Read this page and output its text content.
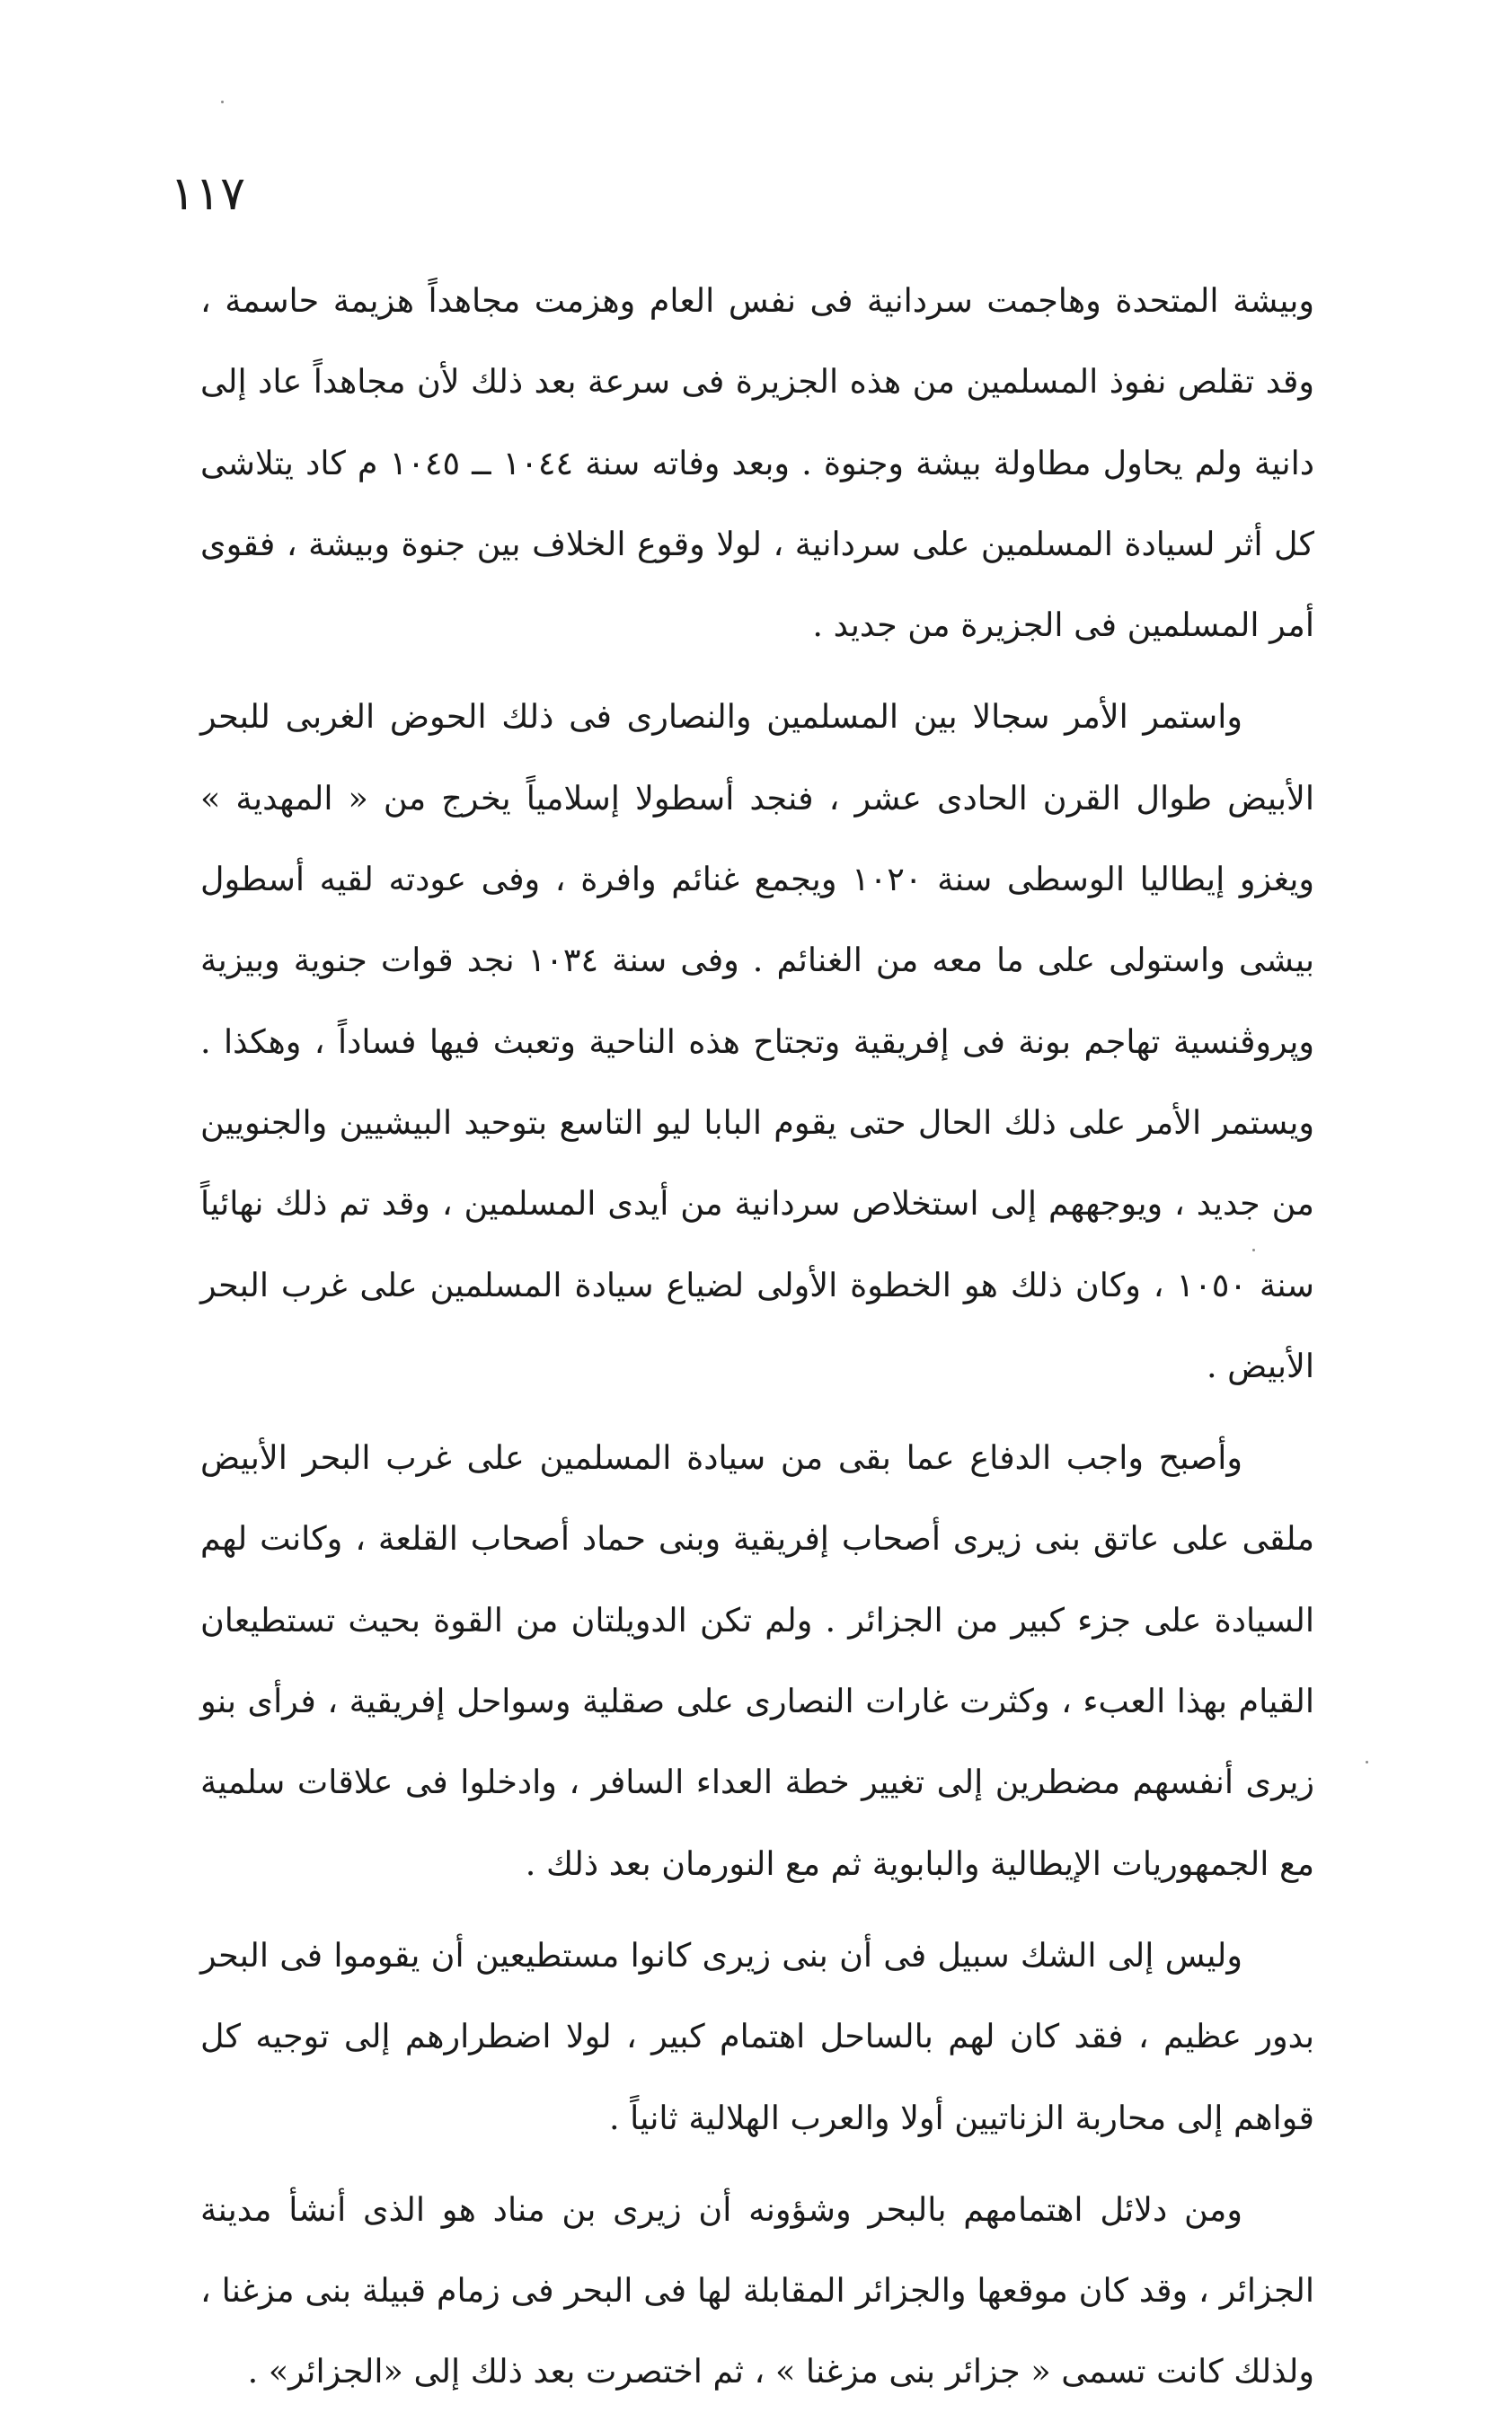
١١٧

وبيشة المتحدة وهاجمت سردانية فى نفس العام وهزمت مجاهداً هزيمة حاسمة ، وقد تقلص نفوذ المسلمين من هذه الجزيرة فى سرعة بعد ذلك لأن مجاهداً عاد إلى دانية ولم يحاول مطاولة بيشة وجنوة . وبعد وفاته سنة ١٠٤٤ ــ ١٠٤٥ م كاد يتلاشى كل أثر لسيادة المسلمين على سردانية ، لولا وقوع الخلاف بين جنوة وبيشة ، فقوى أمر المسلمين فى الجزيرة من جديد .

واستمر الأمر سجالا بين المسلمين والنصارى فى ذلك الحوض الغربى للبحر الأبيض طوال القرن الحادى عشر ، فنجد أسطولا إسلامياً يخرج من « المهدية » ويغزو إيطاليا الوسطى سنة ١٠٢٠ ويجمع غنائم وافرة ، وفى عودته لقيه أسطول بيشى واستولى على ما معه من الغنائم . وفى سنة ١٠٣٤ نجد قوات جنوية وبيزية وپروڤنسية تهاجم بونة فى إفريقية وتجتاح هذه الناحية وتعبث فيها فساداً ، وهكذا . ويستمر الأمر على ذلك الحال حتى يقوم البابا ليو التاسع بتوحيد البيشيين والجنويين من جديد ، ويوجههم إلى استخلاص سردانية من أيدى المسلمين ، وقد تم ذلك نهائياً سنة ١٠٥٠ ، وكان ذلك هو الخطوة الأولى لضياع سيادة المسلمين على غرب البحر الأبيض .

وأصبح واجب الدفاع عما بقى من سيادة المسلمين على غرب البحر الأبيض ملقى على عاتق بنى زيرى أصحاب إفريقية وبنى حماد أصحاب القلعة ، وكانت لهم السيادة على جزء كبير من الجزائر . ولم تكن الدويلتان من القوة بحيث تستطيعان القيام بهذا العبء ، وكثرت غارات النصارى على صقلية وسواحل إفريقية ، فرأى بنو زيرى أنفسهم مضطرين إلى تغيير خطة العداء السافر ، وادخلوا فى علاقات سلمية مع الجمهوريات الإيطالية والبابوية ثم مع النورمان بعد ذلك .

وليس إلى الشك سبيل فى أن بنى زيرى كانوا مستطيعين أن يقوموا فى البحر بدور عظيم ، فقد كان لهم بالساحل اهتمام كبير ، لولا اضطرارهم إلى توجيه كل قواهم إلى محاربة الزناتيين أولا والعرب الهلالية ثانياً .

ومن دلائل اهتمامهم بالبحر وشؤونه أن زيرى بن مناد هو الذى أنشأ مدينة الجزائر ، وقد كان موقعها والجزائر المقابلة لها فى البحر فى زمام قبيلة بنى مزغنا ، ولذلك كانت تسمى « جزائر بنى مزغنا » ، ثم اختصرت بعد ذلك إلى «الجزائر» .
